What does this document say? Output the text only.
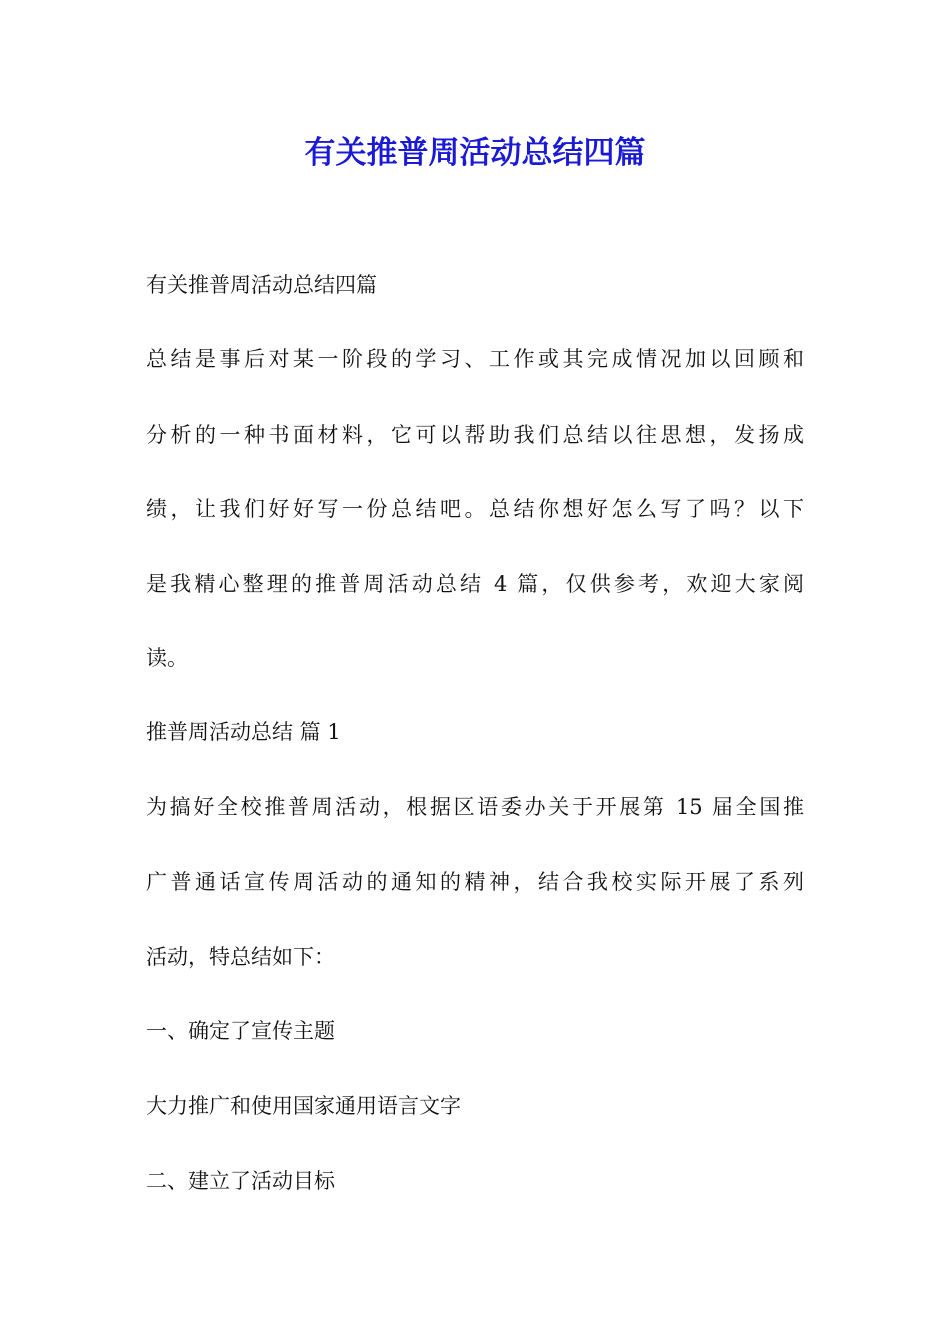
有关推普周活动总结四篇

有关推普周活动总结四篇

总结是事后对某一阶段的学习、工作或其完成情况加以回顾和

分析的一种书面材料，它可以帮助我们总结以往思想，发扬成

绩，让我们好好写一份总结吧。总结你想好怎么写了吗？以下

是我精心整理的推普周活动总结 4 篇，仅供参考，欢迎大家阅

读。

推普周活动总结 篇 1

为搞好全校推普周活动，根据区语委办关于开展第 15 届全国推

广普通话宣传周活动的通知的精神，结合我校实际开展了系列

活动，特总结如下：

一、确定了宣传主题

大力推广和使用国家通用语言文字

二、建立了活动目标
